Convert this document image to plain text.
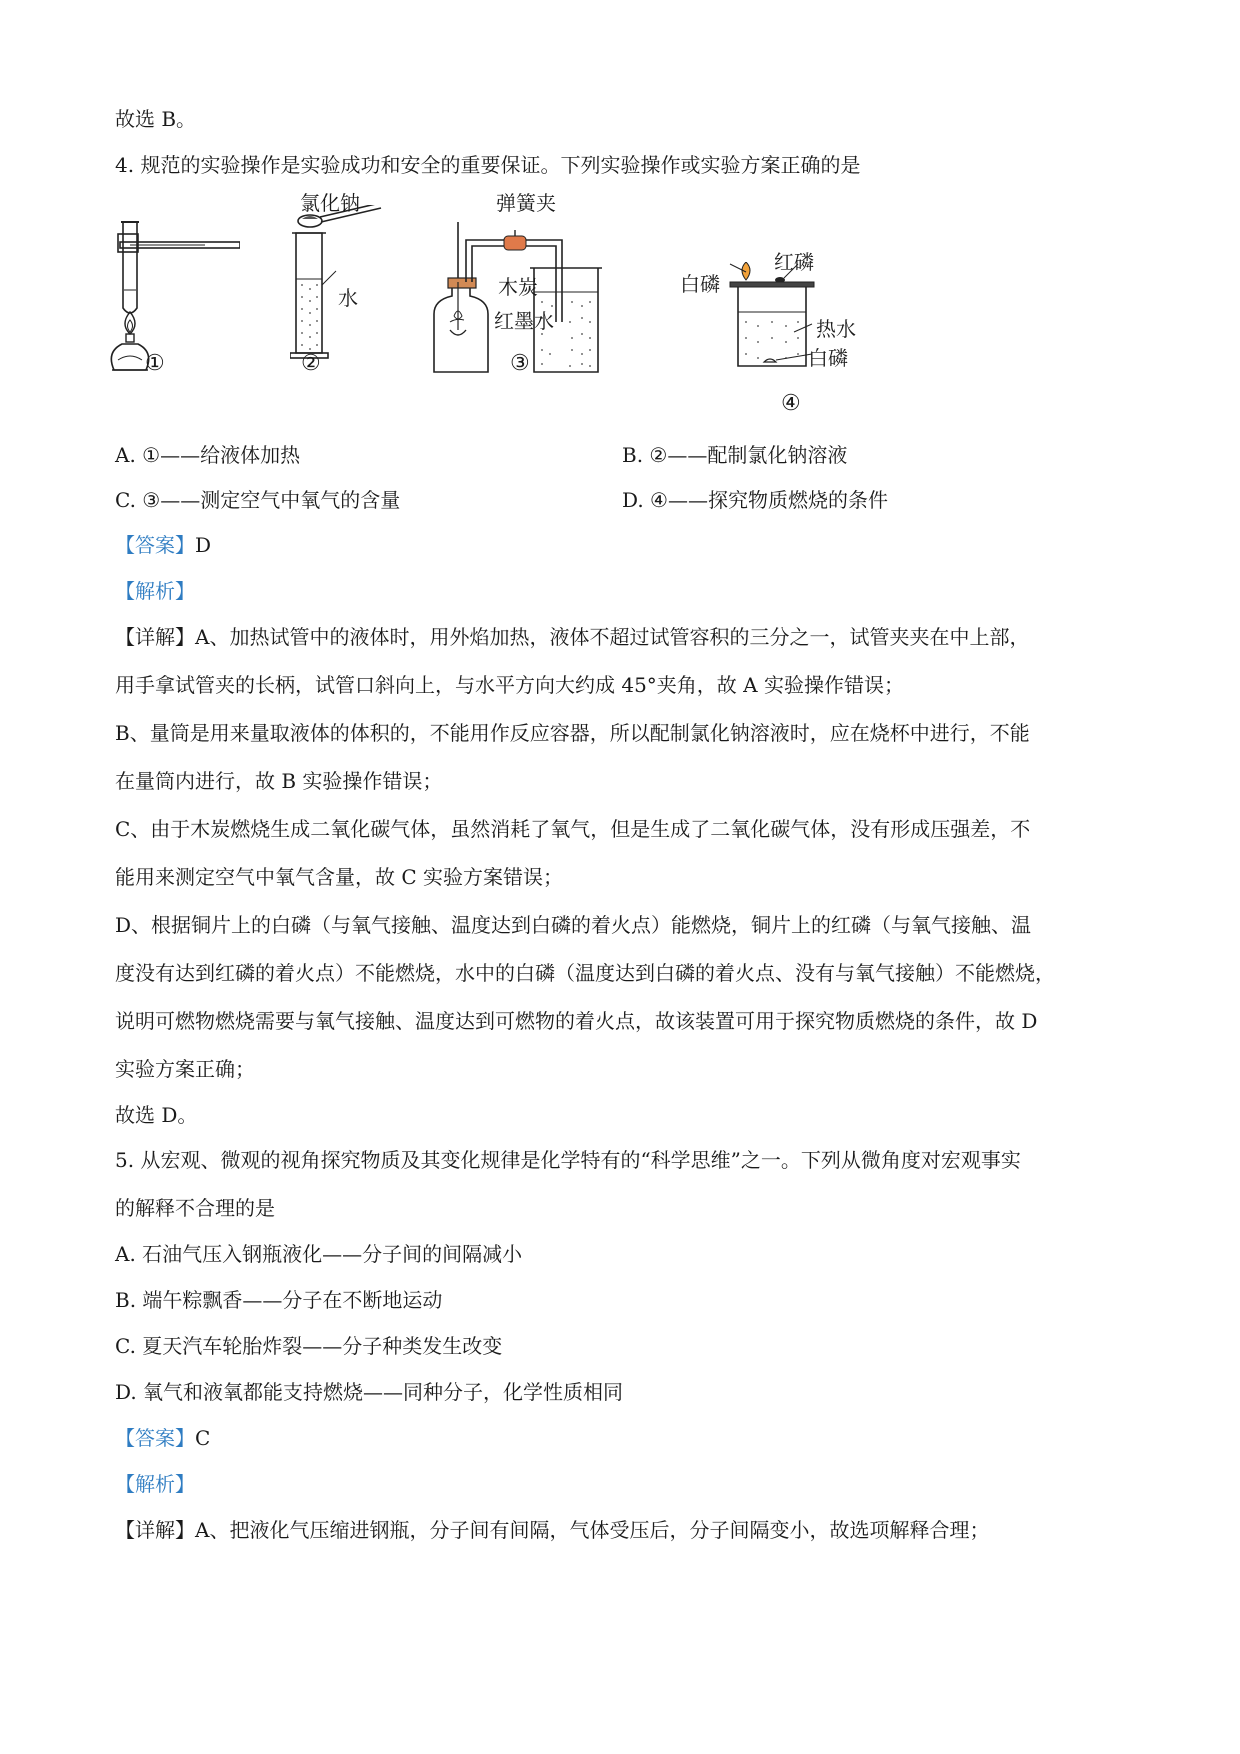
故选 B。
4. 规范的实验操作是实验成功和安全的重要保证。下列实验操作或实验方案正确的是
①
氯化钠
水
②
弹簧夹
木炭
红墨水
③
白磷
红磷
热水
白磷
④
A. ①——给液体加热	B. ②——配制氯化钠溶液
C. ③——测定空气中氧气的含量	D. ④——探究物质燃烧的条件
【答案】D
【解析】
【详解】A、加热试管中的液体时，用外焰加热，液体不超过试管容积的三分之一，试管夹夹在中上部，
用手拿试管夹的长柄，试管口斜向上，与水平方向大约成 45°夹角，故 A 实验操作错误；
B、量筒是用来量取液体的体积的，不能用作反应容器，所以配制氯化钠溶液时，应在烧杯中进行，不能
在量筒内进行，故 B 实验操作错误；
C、由于木炭燃烧生成二氧化碳气体，虽然消耗了氧气，但是生成了二氧化碳气体，没有形成压强差，不
能用来测定空气中氧气含量，故 C 实验方案错误；
D、根据铜片上的白磷（与氧气接触、温度达到白磷的着火点）能燃烧，铜片上的红磷（与氧气接触、温
度没有达到红磷的着火点）不能燃烧，水中的白磷（温度达到白磷的着火点、没有与氧气接触）不能燃烧，
说明可燃物燃烧需要与氧气接触、温度达到可燃物的着火点，故该装置可用于探究物质燃烧的条件，故 D
实验方案正确；
故选 D。
5. 从宏观、微观的视角探究物质及其变化规律是化学特有的“科学思维”之一。下列从微角度对宏观事实
的解释不合理的是
A. 石油气压入钢瓶液化——分子间的间隔减小
B. 端午粽飘香——分子在不断地运动
C. 夏天汽车轮胎炸裂——分子种类发生改变
D. 氧气和液氧都能支持燃烧——同种分子，化学性质相同
【答案】C
【解析】
【详解】A、把液化气压缩进钢瓶，分子间有间隔，气体受压后，分子间隔变小，故选项解释合理；
